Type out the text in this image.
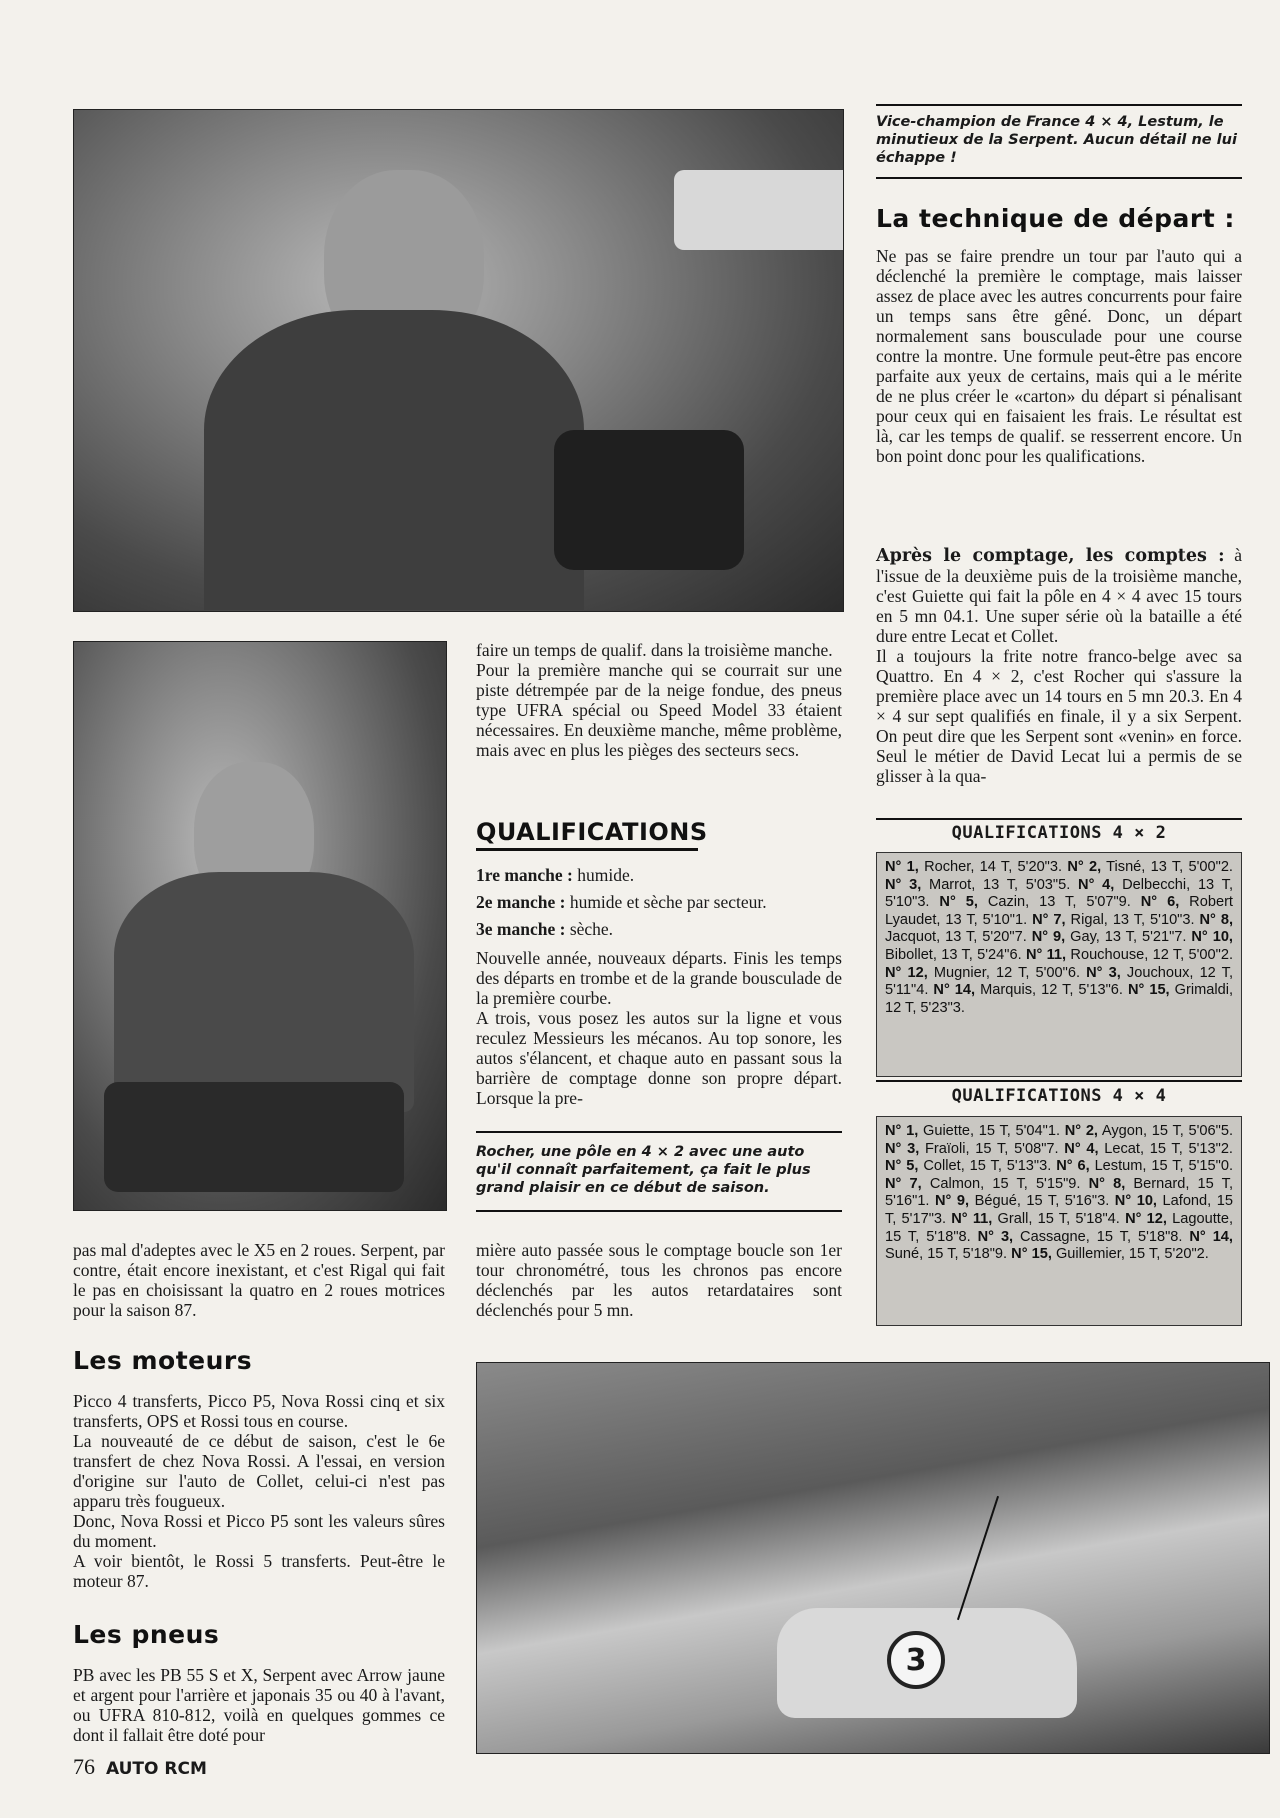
3
Vice-champion de France 4 × 4, Lestum, le minutieux de la Serpent. Aucun détail ne lui échappe !
La technique de départ :

Ne pas se faire prendre un tour par l'auto qui a déclenché la première le comptage, mais laisser assez de place avec les autres concurrents pour faire un temps sans être gêné. Donc, un départ normalement sans bousculade pour une course contre la montre. Une formule peut-être pas encore parfaite aux yeux de certains, mais qui a le mérite de ne plus créer le «carton» du départ si pénalisant pour ceux qui en faisaient les frais. Le résultat est là, car les temps de qualif. se resserrent encore. Un bon point donc pour les qualifications.

Après le comptage, les comptes : à l'issue de la deuxième puis de la troisième manche, c'est Guiette qui fait la pôle en 4 × 4 avec 15 tours en 5 mn 04.1. Une super série où la bataille a été dure entre Lecat et Collet.

Il a toujours la frite notre franco-belge avec sa Quattro. En 4 × 2, c'est Rocher qui s'assure la première place avec un 14 tours en 5 mn 20.3. En 4 × 4 sur sept qualifiés en finale, il y a six Serpent. On peut dire que les Serpent sont «venin» en force. Seul le métier de David Lecat lui a permis de se glisser à la qua-

QUALIFICATIONS 4 × 2
N° 1, Rocher, 14 T, 5'20"3. N° 2, Tisné, 13 T, 5'00"2. N° 3, Marrot, 13 T, 5'03"5. N° 4, Delbecchi, 13 T, 5'10"3. N° 5, Cazin, 13 T, 5'07"9. N° 6, Robert Lyaudet, 13 T, 5'10"1. N° 7, Rigal, 13 T, 5'10"3. N° 8, Jacquot, 13 T, 5'20"7. N° 9, Gay, 13 T, 5'21"7. N° 10, Bibollet, 13 T, 5'24"6. N° 11, Rouchouse, 12 T, 5'00"2. N° 12, Mugnier, 12 T, 5'00"6. N° 3, Jouchoux, 12 T, 5'11"4. N° 14, Marquis, 12 T, 5'13"6. N° 15, Grimaldi, 12 T, 5'23"3.
QUALIFICATIONS 4 × 4
N° 1, Guiette, 15 T, 5'04"1. N° 2, Aygon, 15 T, 5'06"5. N° 3, Fraïoli, 15 T, 5'08"7. N° 4, Lecat, 15 T, 5'13"2. N° 5, Collet, 15 T, 5'13"3. N° 6, Lestum, 15 T, 5'15"0. N° 7, Calmon, 15 T, 5'15"9. N° 8, Bernard, 15 T, 5'16"1. N° 9, Bégué, 15 T, 5'16"3. N° 10, Lafond, 15 T, 5'17"3. N° 11, Grall, 15 T, 5'18"4. N° 12, Lagoutte, 15 T, 5'18"8. N° 3, Cassagne, 15 T, 5'18"8. N° 14, Suné, 15 T, 5'18"9. N° 15, Guillemier, 15 T, 5'20"2.

faire un temps de qualif. dans la troisième manche.

Pour la première manche qui se courrait sur une piste détrempée par de la neige fondue, des pneus type UFRA spécial ou Speed Model 33 étaient nécessaires. En deuxième manche, même problème, mais avec en plus les pièges des secteurs secs.

QUALIFICATIONS

1re manche : humide.

2e manche : humide et sèche par secteur.

3e manche : sèche.

Nouvelle année, nouveaux départs. Finis les temps des départs en trombe et de la grande bousculade de la première courbe.

A trois, vous posez les autos sur la ligne et vous reculez Messieurs les mécanos. Au top sonore, les autos s'élancent, et chaque auto en passant sous la barrière de comptage donne son propre départ. Lorsque la pre-

Rocher, une pôle en 4 × 2 avec une auto qu'il connaît parfaitement, ça fait le plus grand plaisir en ce début de saison.

mière auto passée sous le comptage boucle son 1er tour chronométré, tous les chronos pas encore déclenchés par les autos retardataires sont déclenchés pour 5 mn.

pas mal d'adeptes avec le X5 en 2 roues. Serpent, par contre, était encore inexistant, et c'est Rigal qui fait le pas en choisissant la quatro en 2 roues motrices pour la saison 87.

Les moteurs

Picco 4 transferts, Picco P5, Nova Rossi cinq et six transferts, OPS et Rossi tous en course.

La nouveauté de ce début de saison, c'est le 6e transfert de chez Nova Rossi. A l'essai, en version d'origine sur l'auto de Collet, celui-ci n'est pas apparu très fougueux.

Donc, Nova Rossi et Picco P5 sont les valeurs sûres du moment.

A voir bientôt, le Rossi 5 transferts. Peut-être le moteur 87.

Les pneus

PB avec les PB 55 S et X, Serpent avec Arrow jaune et argent pour l'arrière et japonais 35 ou 40 à l'avant, ou UFRA 810-812, voilà en quelques gommes ce dont il fallait être doté pour

76 AUTO RCM
